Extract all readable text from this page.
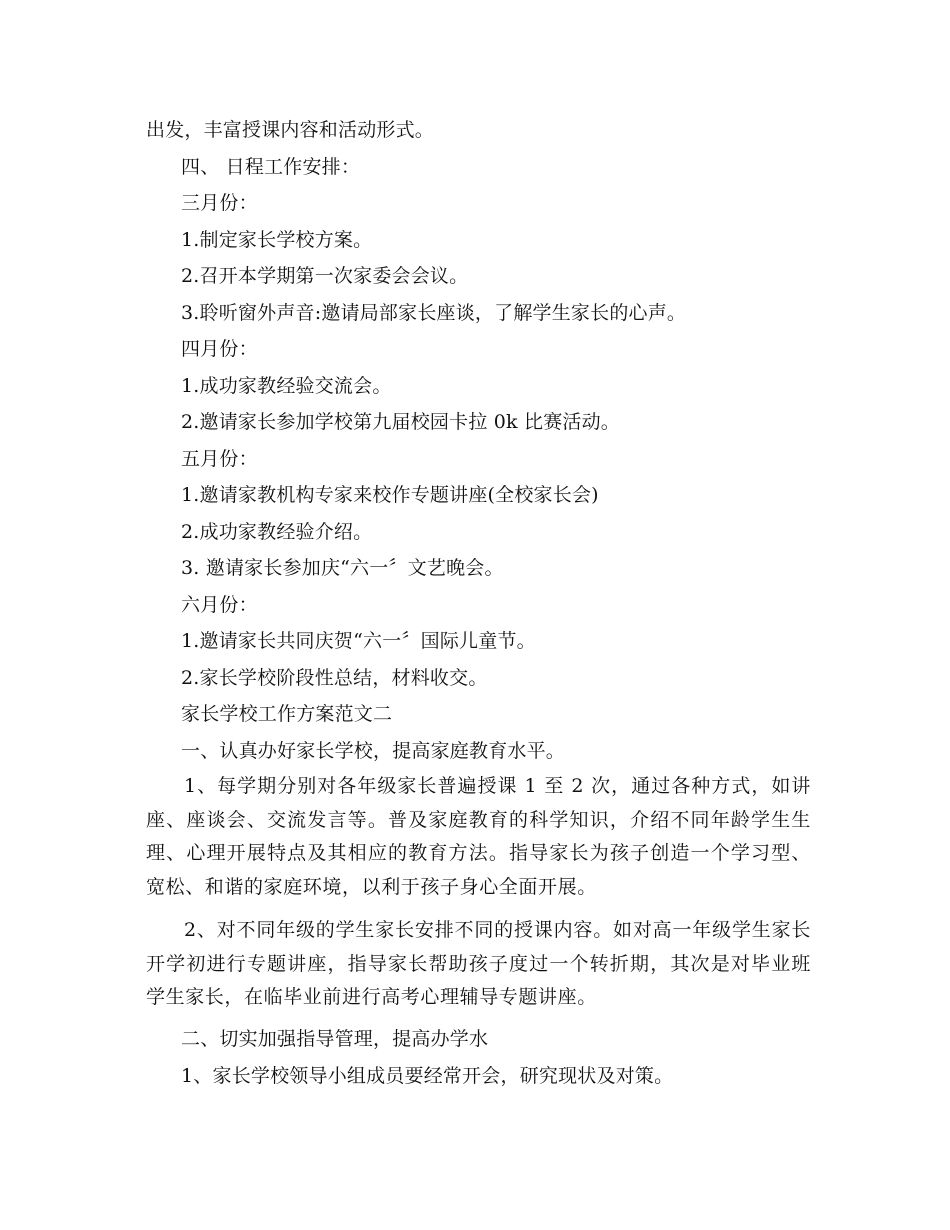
出发，丰富授课内容和活动形式。
四、 日程工作安排：
三月份：
1.制定家长学校方案。
2.召开本学期第一次家委会会议。
3.聆听窗外声音:邀请局部家长座谈，了解学生家长的心声。
四月份：
1.成功家教经验交流会。
2.邀请家长参加学校第九届校园卡拉 0k 比赛活动。
五月份：
1.邀请家教机构专家来校作专题讲座(全校家长会)
2.成功家教经验介绍。
3. 邀请家长参加庆“六一〞文艺晚会。
六月份：
1.邀请家长共同庆贺“六一〞国际儿童节。
2.家长学校阶段性总结，材料收交。
家长学校工作方案范文二
一、认真办好家长学校，提高家庭教育水平。
1、每学期分别对各年级家长普遍授课 1 至 2 次，通过各种方式，如讲座、座谈会、交流发言等。普及家庭教育的科学知识，介绍不同年龄学生生理、心理开展特点及其相应的教育方法。指导家长为孩子创造一个学习型、宽松、和谐的家庭环境，以利于孩子身心全面开展。
2、对不同年级的学生家长安排不同的授课内容。如对高一年级学生家长开学初进行专题讲座，指导家长帮助孩子度过一个转折期，其次是对毕业班学生家长，在临毕业前进行高考心理辅导专题讲座。
二、切实加强指导管理，提高办学水
1、家长学校领导小组成员要经常开会，研究现状及对策。
